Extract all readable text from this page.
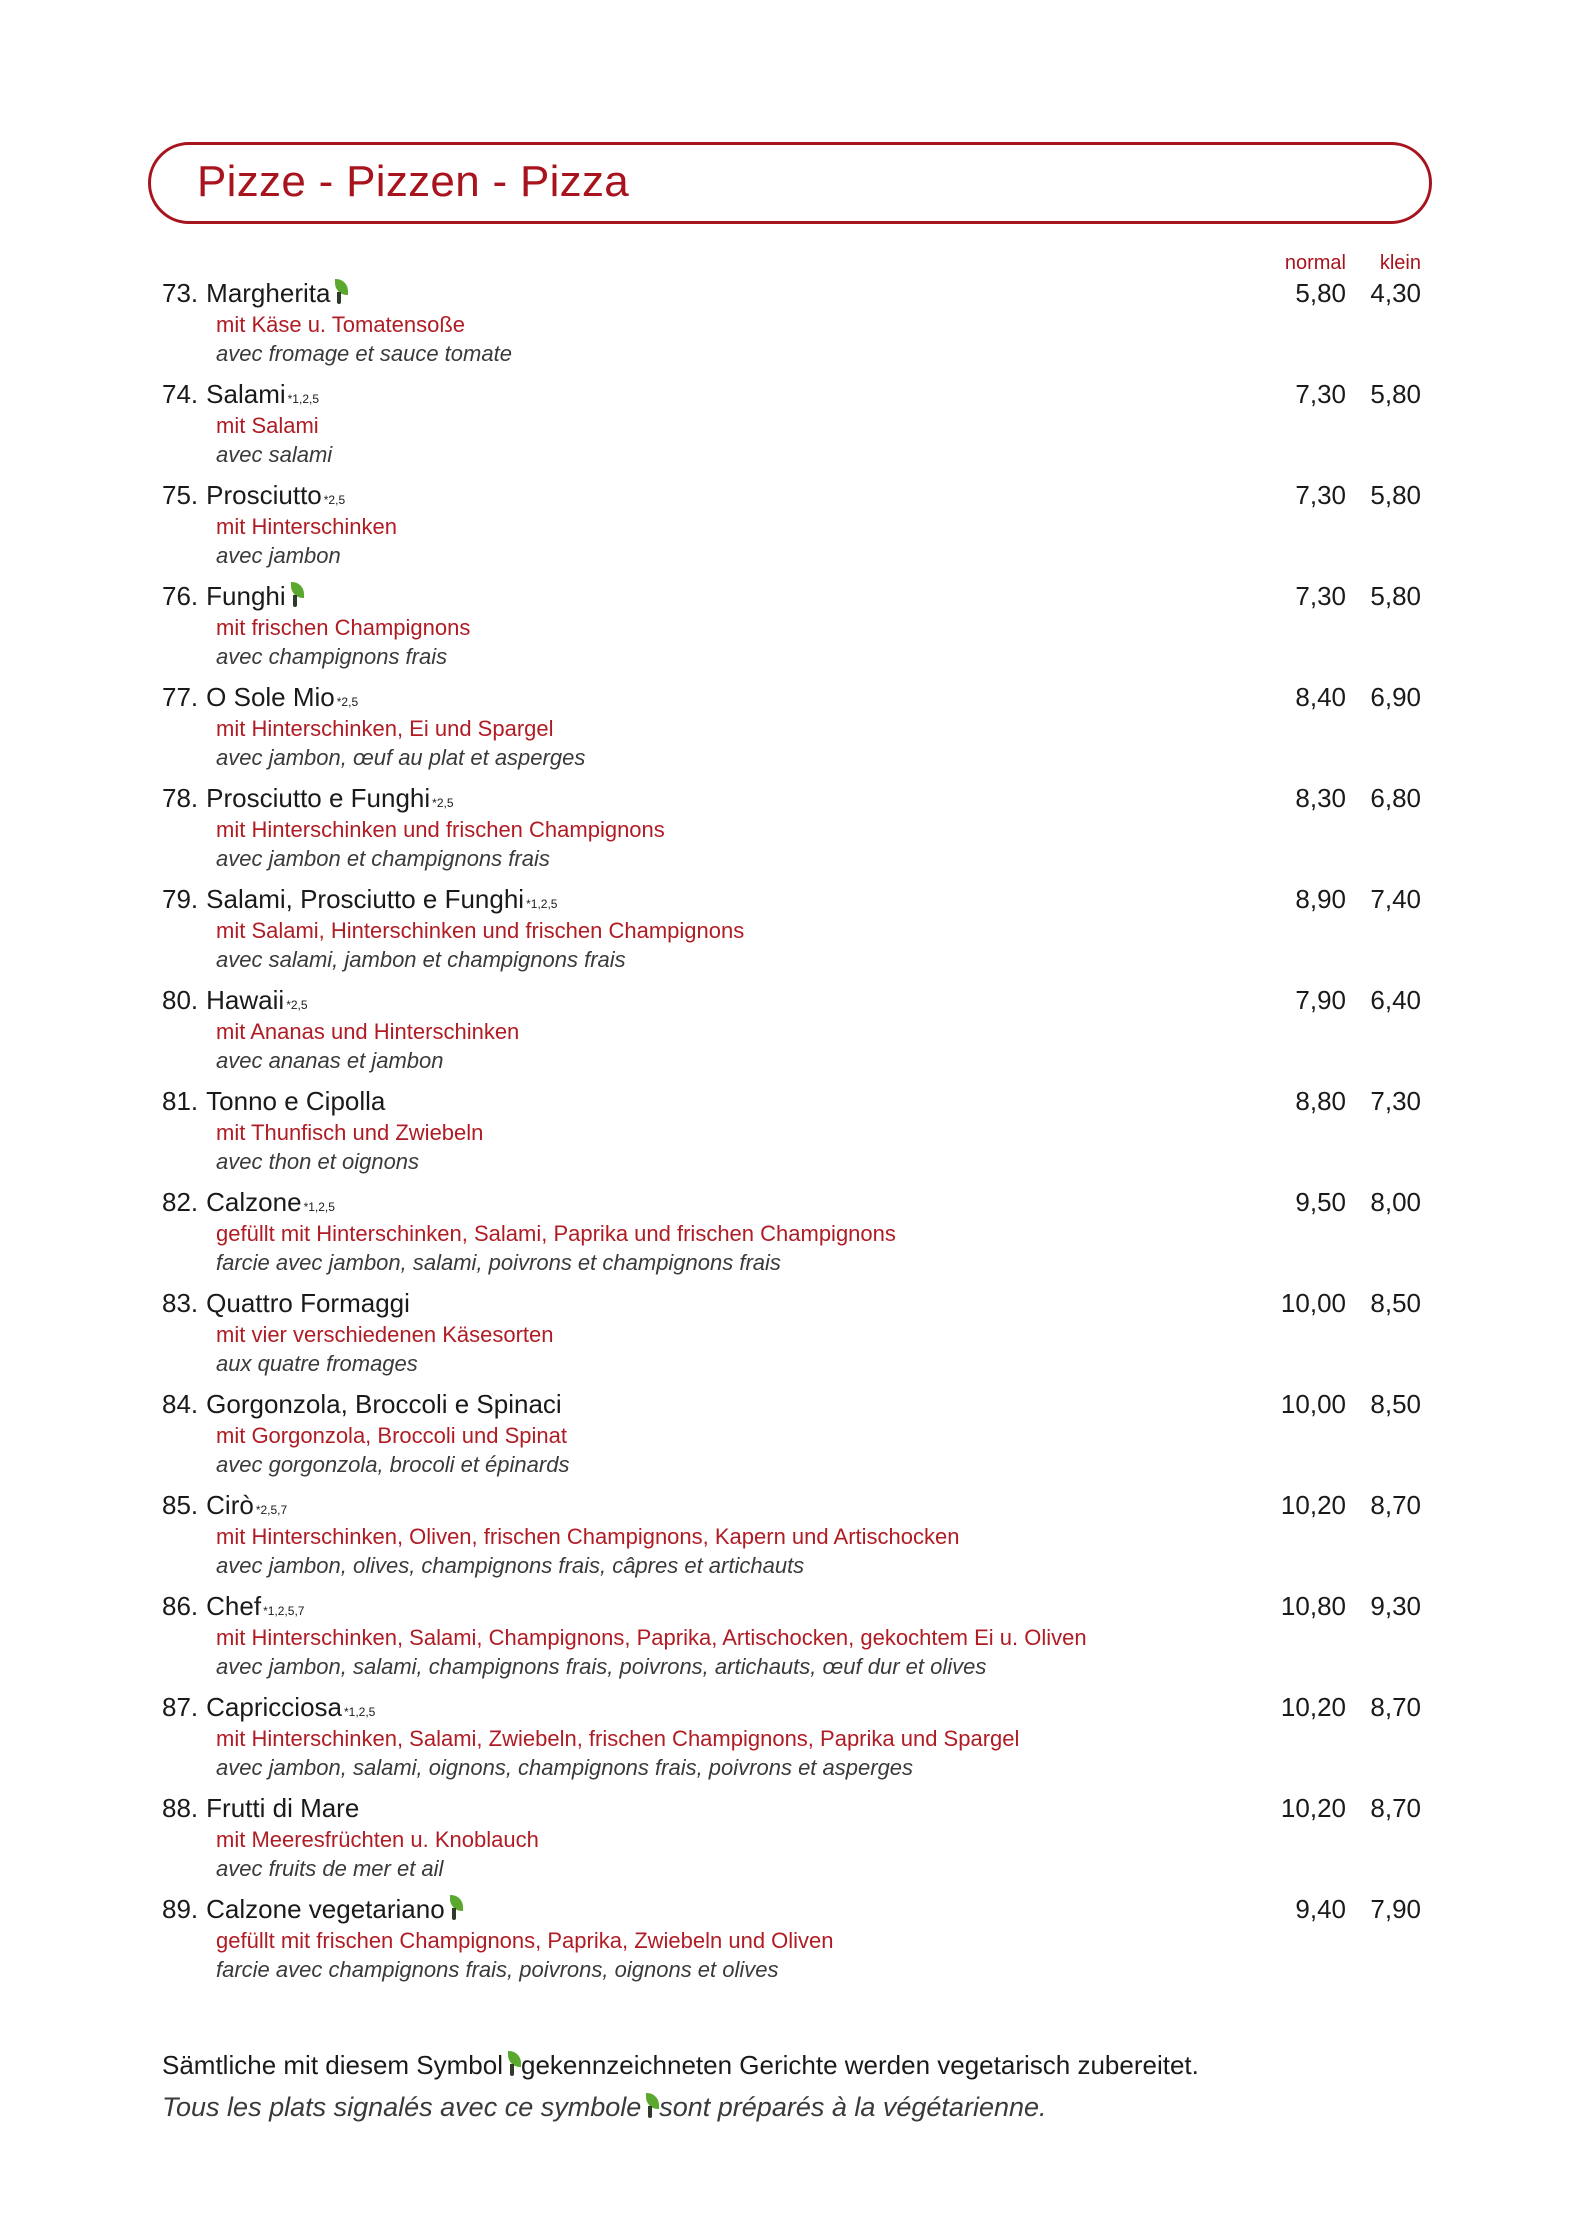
Pizze - Pizzen - Pizza
normal klein
73. Margherita	5,80 4,30
mit Käse u. Tomatensoße
avec fromage et sauce tomate
74. Salami *1,2,5	7,30 5,80
mit Salami
avec salami
75. Prosciutto *2,5	7,30 5,80
mit Hinterschinken
avec jambon
76. Funghi	7,30 5,80
mit frischen Champignons
avec champignons frais
77. O Sole Mio *2,5	8,40 6,90
mit Hinterschinken, Ei und Spargel
avec jambon, œuf au plat et asperges
78. Prosciutto e Funghi *2,5	8,30 6,80
mit Hinterschinken und frischen Champignons
avec jambon et champignons frais
79. Salami, Prosciutto e Funghi *1,2,5	8,90 7,40
mit Salami, Hinterschinken und frischen Champignons
avec salami, jambon et champignons frais
80. Hawaii *2,5	7,90 6,40
mit Ananas und Hinterschinken
avec ananas et jambon
81. Tonno e Cipolla	8,80 7,30
mit Thunfisch und Zwiebeln
avec thon et oignons
82. Calzone *1,2,5	9,50 8,00
gefüllt mit Hinterschinken, Salami, Paprika und frischen Champignons
farcie avec jambon, salami, poivrons et champignons frais
83. Quattro Formaggi	10,00 8,50
mit vier verschiedenen Käsesorten
aux quatre fromages
84. Gorgonzola, Broccoli e Spinaci	10,00 8,50
mit Gorgonzola, Broccoli und Spinat
avec gorgonzola, brocoli et épinards
85. Cirò *2,5,7	10,20 8,70
mit Hinterschinken, Oliven, frischen Champignons, Kapern und Artischocken
avec jambon, olives, champignons frais, câpres et artichauts
86. Chef *1,2,5,7	10,80 9,30
mit Hinterschinken, Salami, Champignons, Paprika, Artischocken, gekochtem Ei u. Oliven
avec jambon, salami, champignons frais, poivrons, artichauts, œuf dur et olives
87. Capricciosa *1,2,5	10,20 8,70
mit Hinterschinken, Salami, Zwiebeln, frischen Champignons, Paprika und Spargel
avec jambon, salami, oignons, champignons frais, poivrons et asperges
88. Frutti di Mare	10,20 8,70
mit Meeresfrüchten u. Knoblauch
avec fruits de mer et ail
89. Calzone vegetariano	9,40 7,90
gefüllt mit frischen Champignons, Paprika, Zwiebeln und Oliven
farcie avec champignons frais, poivrons, oignons et olives
Sämtliche mit diesem Symbol gekennzeichneten Gerichte werden vegetarisch zubereitet.
Tous les plats signalés avec ce symbole sont préparés à la végétarienne.
